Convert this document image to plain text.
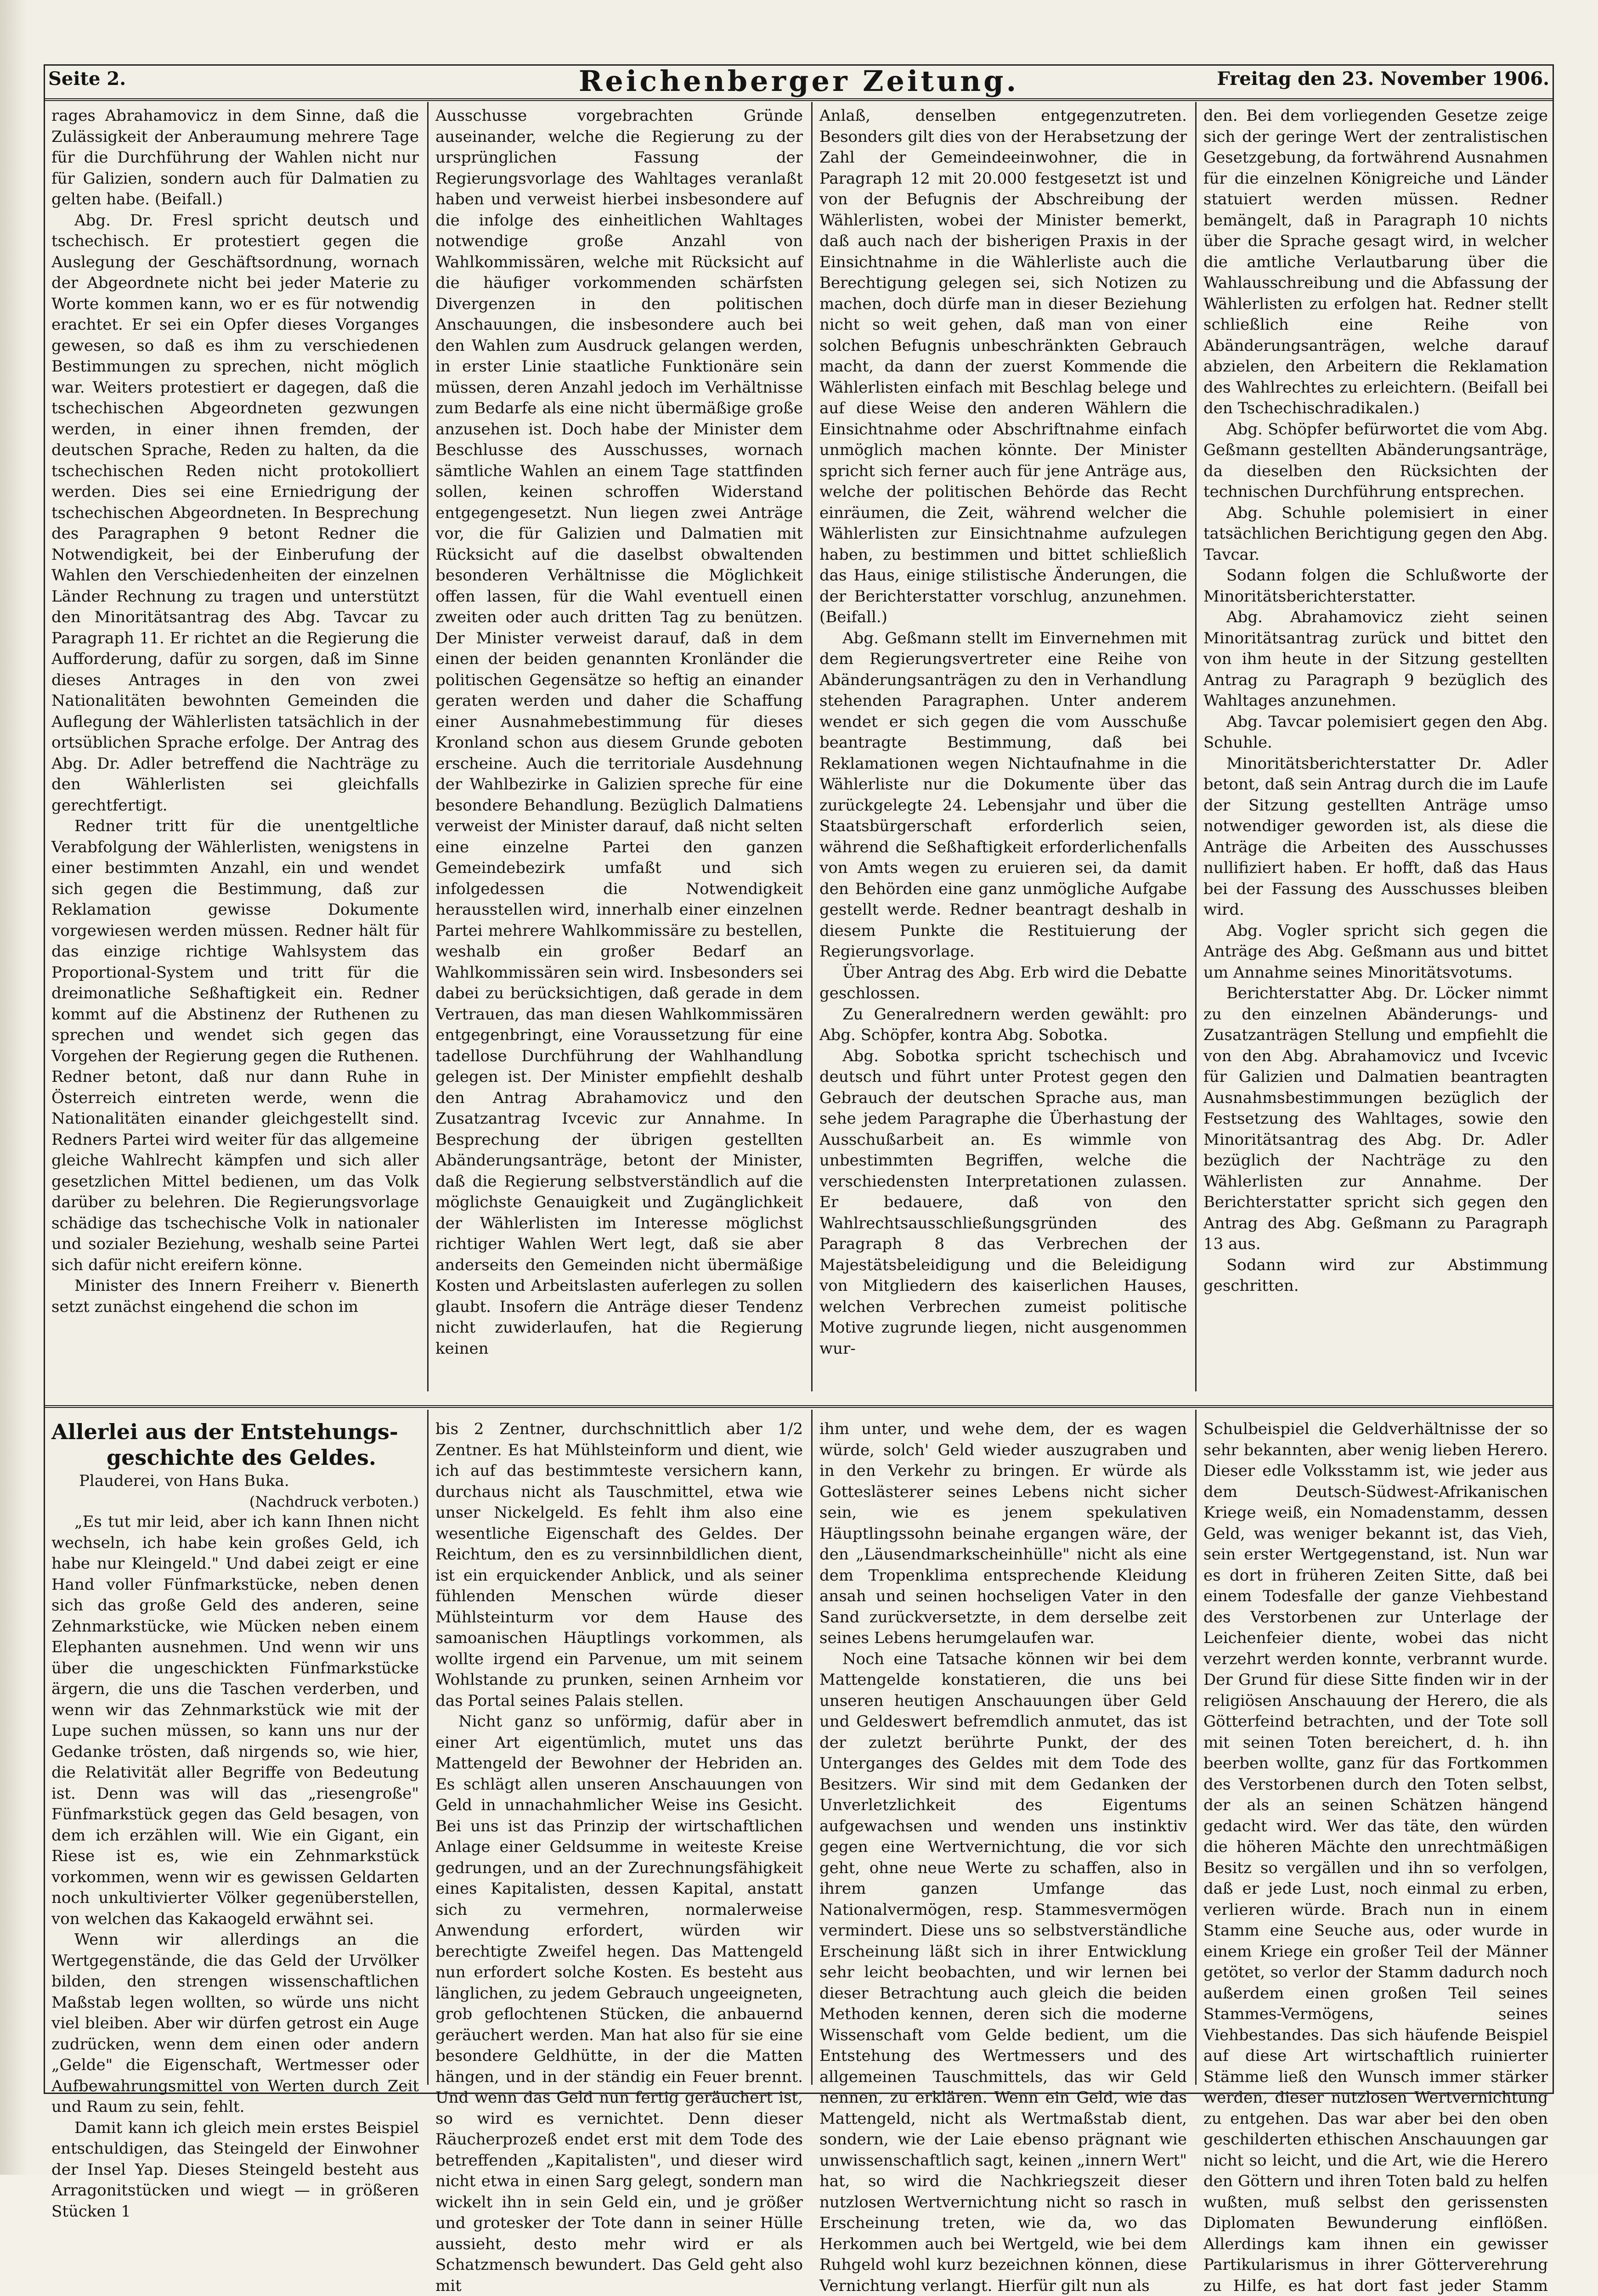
Seite 2.	Reichenberger Zeitung.	Freitag den 23. November 1906.

rages Abrahamovicz in dem Sinne, daß die Zulässigkeit der Anberaumung mehrere Tage für die Durchführung der Wahlen nicht nur für Galizien, sondern auch für Dalmatien zu gelten habe. (Beifall.)

Abg. Dr. Fresl spricht deutsch und tschechisch. Er protestiert gegen die Auslegung der Geschäftsordnung, wornach der Abgeordnete nicht bei jeder Materie zu Worte kommen kann, wo er es für notwendig erachtet. Er sei ein Opfer dieses Vorganges gewesen, so daß es ihm zu verschiedenen Bestimmungen zu sprechen, nicht möglich war. Weiters protestiert er dagegen, daß die tschechischen Abgeordneten gezwungen werden, in einer ihnen fremden, der deutschen Sprache, Reden zu halten, da die tschechischen Reden nicht protokolliert werden. Dies sei eine Erniedrigung der tschechischen Abgeordneten. In Besprechung des Paragraphen 9 betont Redner die Notwendigkeit, bei der Einberufung der Wahlen den Verschiedenheiten der einzelnen Länder Rechnung zu tragen und unterstützt den Minoritätsantrag des Abg. Tavcar zu Paragraph 11. Er richtet an die Regierung die Aufforderung, dafür zu sorgen, daß im Sinne dieses Antrages in den von zwei Nationalitäten bewohnten Gemeinden die Auflegung der Wählerlisten tatsächlich in der ortsüblichen Sprache erfolge. Der Antrag des Abg. Dr. Adler betreffend die Nachträge zu den Wählerlisten sei gleichfalls gerechtfertigt.

Redner tritt für die unentgeltliche Verabfolgung der Wählerlisten, wenigstens in einer bestimmten Anzahl, ein und wendet sich gegen die Bestimmung, daß zur Reklamation gewisse Dokumente vorgewiesen werden müssen. Redner hält für das einzige richtige Wahlsystem das Proportional-System und tritt für die dreimonatliche Seßhaftigkeit ein. Redner kommt auf die Abstinenz der Ruthenen zu sprechen und wendet sich gegen das Vorgehen der Regierung gegen die Ruthenen. Redner betont, daß nur dann Ruhe in Österreich eintreten werde, wenn die Nationalitäten einander gleichgestellt sind. Redners Partei wird weiter für das allgemeine gleiche Wahlrecht kämpfen und sich aller gesetzlichen Mittel bedienen, um das Volk darüber zu belehren. Die Regierungsvorlage schädige das tschechische Volk in nationaler und sozialer Beziehung, weshalb seine Partei sich dafür nicht ereifern könne.

Minister des Innern Freiherr v. Bienerth setzt zunächst eingehend die schon im

Ausschusse vorgebrachten Gründe auseinander, welche die Regierung zu der ursprünglichen Fassung der Regierungsvorlage des Wahltages veranlaßt haben und verweist hierbei insbesondere auf die infolge des einheitlichen Wahltages notwendige große Anzahl von Wahlkommissären, welche mit Rücksicht auf die häufiger vorkommenden schärfsten Divergenzen in den politischen Anschauungen, die insbesondere auch bei den Wahlen zum Ausdruck gelangen werden, in erster Linie staatliche Funktionäre sein müssen, deren Anzahl jedoch im Verhältnisse zum Bedarfe als eine nicht übermäßige große anzusehen ist. Doch habe der Minister dem Beschlusse des Ausschusses, wornach sämtliche Wahlen an einem Tage stattfinden sollen, keinen schroffen Widerstand entgegengesetzt. Nun liegen zwei Anträge vor, die für Galizien und Dalmatien mit Rücksicht auf die daselbst obwaltenden besonderen Verhältnisse die Möglichkeit offen lassen, für die Wahl eventuell einen zweiten oder auch dritten Tag zu benützen. Der Minister verweist darauf, daß in dem einen der beiden genannten Kronländer die politischen Gegensätze so heftig an einander geraten werden und daher die Schaffung einer Ausnahmebestimmung für dieses Kronland schon aus diesem Grunde geboten erscheine. Auch die territoriale Ausdehnung der Wahlbezirke in Galizien spreche für eine besondere Behandlung. Bezüglich Dalmatiens verweist der Minister darauf, daß nicht selten eine einzelne Partei den ganzen Gemeindebezirk umfaßt und sich infolgedessen die Notwendigkeit herausstellen wird, innerhalb einer einzelnen Partei mehrere Wahlkommissäre zu bestellen, weshalb ein großer Bedarf an Wahlkommissären sein wird. Insbesonders sei dabei zu berücksichtigen, daß gerade in dem Vertrauen, das man diesen Wahlkommissären entgegenbringt, eine Voraussetzung für eine tadellose Durchführung der Wahlhandlung gelegen ist. Der Minister empfiehlt deshalb den Antrag Abrahamovicz und den Zusatzantrag Ivcevic zur Annahme. In Besprechung der übrigen gestellten Abänderungsanträge, betont der Minister, daß die Regierung selbstverständlich auf die möglichste Genauigkeit und Zugänglichkeit der Wählerlisten im Interesse möglichst richtiger Wahlen Wert legt, daß sie aber anderseits den Gemeinden nicht übermäßige Kosten und Arbeitslasten auferlegen zu sollen glaubt. Insofern die Anträge dieser Tendenz nicht zuwiderlaufen, hat die Regierung keinen

Anlaß, denselben entgegenzutreten. Besonders gilt dies von der Herabsetzung der Zahl der Gemeindeeinwohner, die in Paragraph 12 mit 20.000 festgesetzt ist und von der Befugnis der Abschreibung der Wählerlisten, wobei der Minister bemerkt, daß auch nach der bisherigen Praxis in der Einsichtnahme in die Wählerliste auch die Berechtigung gelegen sei, sich Notizen zu machen, doch dürfe man in dieser Beziehung nicht so weit gehen, daß man von einer solchen Befugnis unbeschränkten Gebrauch macht, da dann der zuerst Kommende die Wählerlisten einfach mit Beschlag belege und auf diese Weise den anderen Wählern die Einsichtnahme oder Abschriftnahme einfach unmöglich machen könnte. Der Minister spricht sich ferner auch für jene Anträge aus, welche der politischen Behörde das Recht einräumen, die Zeit, während welcher die Wählerlisten zur Einsichtnahme aufzulegen haben, zu bestimmen und bittet schließlich das Haus, einige stilistische Änderungen, die der Berichterstatter vorschlug, anzunehmen. (Beifall.)

Abg. Geßmann stellt im Einvernehmen mit dem Regierungsvertreter eine Reihe von Abänderungsanträgen zu den in Verhandlung stehenden Paragraphen. Unter anderem wendet er sich gegen die vom Ausschuße beantragte Bestimmung, daß bei Reklamationen wegen Nichtaufnahme in die Wählerliste nur die Dokumente über das zurückgelegte 24. Lebensjahr und über die Staatsbürgerschaft erforderlich seien, während die Seßhaftigkeit erforderlichenfalls von Amts wegen zu eruieren sei, da damit den Behörden eine ganz unmögliche Aufgabe gestellt werde. Redner beantragt deshalb in diesem Punkte die Restituierung der Regierungsvorlage.

Über Antrag des Abg. Erb wird die Debatte geschlossen.

Zu Generalrednern werden gewählt: pro Abg. Schöpfer, kontra Abg. Sobotka.

Abg. Sobotka spricht tschechisch und deutsch und führt unter Protest gegen den Gebrauch der deutschen Sprache aus, man sehe jedem Paragraphe die Überhastung der Ausschußarbeit an. Es wimmle von unbestimmten Begriffen, welche die verschiedensten Interpretationen zulassen. Er bedauere, daß von den Wahlrechtsausschließungsgründen des Paragraph 8 das Verbrechen der Majestätsbeleidigung und die Beleidigung von Mitgliedern des kaiserlichen Hauses, welchen Verbrechen zumeist politische Motive zugrunde liegen, nicht ausgenommen wur-

den. Bei dem vorliegenden Gesetze zeige sich der geringe Wert der zentralistischen Gesetzgebung, da fortwährend Ausnahmen für die einzelnen Königreiche und Länder statuiert werden müssen. Redner bemängelt, daß in Paragraph 10 nichts über die Sprache gesagt wird, in welcher die amtliche Verlautbarung über die Wahlausschreibung und die Abfassung der Wählerlisten zu erfolgen hat. Redner stellt schließlich eine Reihe von Abänderungsanträgen, welche darauf abzielen, den Arbeitern die Reklamation des Wahlrechtes zu erleichtern. (Beifall bei den Tschechischradikalen.)

Abg. Schöpfer befürwortet die vom Abg. Geßmann gestellten Abänderungsanträge, da dieselben den Rücksichten der technischen Durchführung entsprechen.

Abg. Schuhle polemisiert in einer tatsächlichen Berichtigung gegen den Abg. Tavcar.

Sodann folgen die Schlußworte der Minoritätsberichterstatter.

Abg. Abrahamovicz zieht seinen Minoritätsantrag zurück und bittet den von ihm heute in der Sitzung gestellten Antrag zu Paragraph 9 bezüglich des Wahltages anzunehmen.

Abg. Tavcar polemisiert gegen den Abg. Schuhle.

Minoritätsberichterstatter Dr. Adler betont, daß sein Antrag durch die im Laufe der Sitzung gestellten Anträge umso notwendiger geworden ist, als diese die Anträge die Arbeiten des Ausschusses nullifiziert haben. Er hofft, daß das Haus bei der Fassung des Ausschusses bleiben wird.

Abg. Vogler spricht sich gegen die Anträge des Abg. Geßmann aus und bittet um Annahme seines Minoritätsvotums.

Berichterstatter Abg. Dr. Löcker nimmt zu den einzelnen Abänderungs- und Zusatzanträgen Stellung und empfiehlt die von den Abg. Abrahamovicz und Ivcevic für Galizien und Dalmatien beantragten Ausnahmsbestimmungen bezüglich der Festsetzung des Wahltages, sowie den Minoritätsantrag des Abg. Dr. Adler bezüglich der Nachträge zu den Wählerlisten zur Annahme. Der Berichterstatter spricht sich gegen den Antrag des Abg. Geßmann zu Paragraph 13 aus.

Sodann wird zur Abstimmung geschritten.

Allerlei aus der Entstehungs-
geschichte des Geldes.
Plauderei, von Hans Buka.
(Nachdruck verboten.)

„Es tut mir leid, aber ich kann Ihnen nicht wechseln, ich habe kein großes Geld, ich habe nur Kleingeld." Und dabei zeigt er eine Hand voller Fünfmarkstücke, neben denen sich das große Geld des anderen, seine Zehnmarkstücke, wie Mücken neben einem Elephanten ausnehmen. Und wenn wir uns über die ungeschickten Fünfmarkstücke ärgern, die uns die Taschen verderben, und wenn wir das Zehnmarkstück wie mit der Lupe suchen müssen, so kann uns nur der Gedanke trösten, daß nirgends so, wie hier, die Relativität aller Begriffe von Bedeutung ist. Denn was will das „riesengroße" Fünfmarkstück gegen das Geld besagen, von dem ich erzählen will. Wie ein Gigant, ein Riese ist es, wie ein Zehnmarkstück vorkommen, wenn wir es gewissen Geldarten noch unkultivierter Völker gegenüberstellen, von welchen das Kakaogeld erwähnt sei.

Wenn wir allerdings an die Wertgegenstände, die das Geld der Urvölker bilden, den strengen wissenschaftlichen Maßstab legen wollten, so würde uns nicht viel bleiben. Aber wir dürfen getrost ein Auge zudrücken, wenn dem einen oder andern „Gelde" die Eigenschaft, Wertmesser oder Aufbewahrungsmittel von Werten durch Zeit und Raum zu sein, fehlt.

Damit kann ich gleich mein erstes Beispiel entschuldigen, das Steingeld der Einwohner der Insel Yap. Dieses Steingeld besteht aus Arragonitstücken und wiegt — in größeren Stücken 1

bis 2 Zentner, durchschnittlich aber 1/2 Zentner. Es hat Mühlsteinform und dient, wie ich auf das bestimmteste versichern kann, durchaus nicht als Tauschmittel, etwa wie unser Nickelgeld. Es fehlt ihm also eine wesentliche Eigenschaft des Geldes. Der Reichtum, den es zu versinnbildlichen dient, ist ein erquickender Anblick, und als seiner fühlenden Menschen würde dieser Mühlsteinturm vor dem Hause des samoanischen Häuptlings vorkommen, als wollte irgend ein Parvenue, um mit seinem Wohlstande zu prunken, seinen Arnheim vor das Portal seines Palais stellen.

Nicht ganz so unförmig, dafür aber in einer Art eigentümlich, mutet uns das Mattengeld der Bewohner der Hebriden an. Es schlägt allen unseren Anschauungen von Geld in unnachahmlicher Weise ins Gesicht. Bei uns ist das Prinzip der wirtschaftlichen Anlage einer Geldsumme in weiteste Kreise gedrungen, und an der Zurechnungsfähigkeit eines Kapitalisten, dessen Kapital, anstatt sich zu vermehren, normalerweise Anwendung erfordert, würden wir berechtigte Zweifel hegen. Das Mattengeld nun erfordert solche Kosten. Es besteht aus länglichen, zu jedem Gebrauch ungeeigneten, grob geflochtenen Stücken, die anbauernd geräuchert werden. Man hat also für sie eine besondere Geldhütte, in der die Matten hängen, und in der ständig ein Feuer brennt. Und wenn das Geld nun fertig geräuchert ist, so wird es vernichtet. Denn dieser Räucherprozeß endet erst mit dem Tode des betreffenden „Kapitalisten", und dieser wird nicht etwa in einen Sarg gelegt, sondern man wickelt ihn in sein Geld ein, und je größer und grotesker der Tote dann in seiner Hülle aussieht, desto mehr wird er als Schatzmensch bewundert. Das Geld geht also mit

ihm unter, und wehe dem, der es wagen würde, solch' Geld wieder auszugraben und in den Verkehr zu bringen. Er würde als Gotteslästerer seines Lebens nicht sicher sein, wie es jenem spekulativen Häuptlingssohn beinahe ergangen wäre, der den „Läusendmarkscheinhülle" nicht als eine dem Tropenklima entsprechende Kleidung ansah und seinen hochseligen Vater in den Sand zurückversetzte, in dem derselbe zeit seines Lebens herumgelaufen war.

Noch eine Tatsache können wir bei dem Mattengelde konstatieren, die uns bei unseren heutigen Anschauungen über Geld und Geldeswert befremdlich anmutet, das ist der zuletzt berührte Punkt, der des Unterganges des Geldes mit dem Tode des Besitzers. Wir sind mit dem Gedanken der Unverletzlichkeit des Eigentums aufgewachsen und wenden uns instinktiv gegen eine Wertvernichtung, die vor sich geht, ohne neue Werte zu schaffen, also in ihrem ganzen Umfange das Nationalvermögen, resp. Stammesvermögen vermindert. Diese uns so selbstverständliche Erscheinung läßt sich in ihrer Entwicklung sehr leicht beobachten, und wir lernen bei dieser Betrachtung auch gleich die beiden Methoden kennen, deren sich die moderne Wissenschaft vom Gelde bedient, um die Entstehung des Wertmessers und des allgemeinen Tauschmittels, das wir Geld nennen, zu erklären. Wenn ein Geld, wie das Mattengeld, nicht als Wertmaßstab dient, sondern, wie der Laie ebenso prägnant wie unwissenschaftlich sagt, keinen „innern Wert" hat, so wird die Nachkriegszeit dieser nutzlosen Wertvernichtung nicht so rasch in Erscheinung treten, wie da, wo das Herkommen auch bei Wertgeld, wie bei dem Ruhgeld wohl kurz bezeichnen können, diese Vernichtung verlangt. Hierfür gilt nun als

Schulbeispiel die Geldverhältnisse der so sehr bekannten, aber wenig lieben Herero. Dieser edle Volksstamm ist, wie jeder aus dem Deutsch-Südwest-Afrikanischen Kriege weiß, ein Nomadenstamm, dessen Geld, was weniger bekannt ist, das Vieh, sein erster Wertgegenstand, ist. Nun war es dort in früheren Zeiten Sitte, daß bei einem Todesfalle der ganze Viehbestand des Verstorbenen zur Unterlage der Leichenfeier diente, wobei das nicht verzehrt werden konnte, verbrannt wurde. Der Grund für diese Sitte finden wir in der religiösen Anschauung der Herero, die als Götterfeind betrachten, und der Tote soll mit seinen Toten bereichert, d. h. ihn beerben wollte, ganz für das Fortkommen des Verstorbenen durch den Toten selbst, der als an seinen Schätzen hängend gedacht wird. Wer das täte, den würden die höheren Mächte den unrechtmäßigen Besitz so vergällen und ihn so verfolgen, daß er jede Lust, noch einmal zu erben, verlieren würde. Brach nun in einem Stamm eine Seuche aus, oder wurde in einem Kriege ein großer Teil der Männer getötet, so verlor der Stamm dadurch noch außerdem einen großen Teil seines Stammes-Vermögens, seines Viehbestandes. Das sich häufende Beispiel auf diese Art wirtschaftlich ruinierter Stämme ließ den Wunsch immer stärker werden, dieser nutzlosen Wertvernichtung zu entgehen. Das war aber bei den oben geschilderten ethischen Anschauungen gar nicht so leicht, und die Art, wie die Herero den Göttern und ihren Toten bald zu helfen wußten, muß selbst den gerissensten Diplomaten Bewunderung einflößen. Allerdings kam ihnen ein gewisser Partikularismus in ihrer Götterverehrung zu Hilfe, es hat dort fast jeder Stamm
